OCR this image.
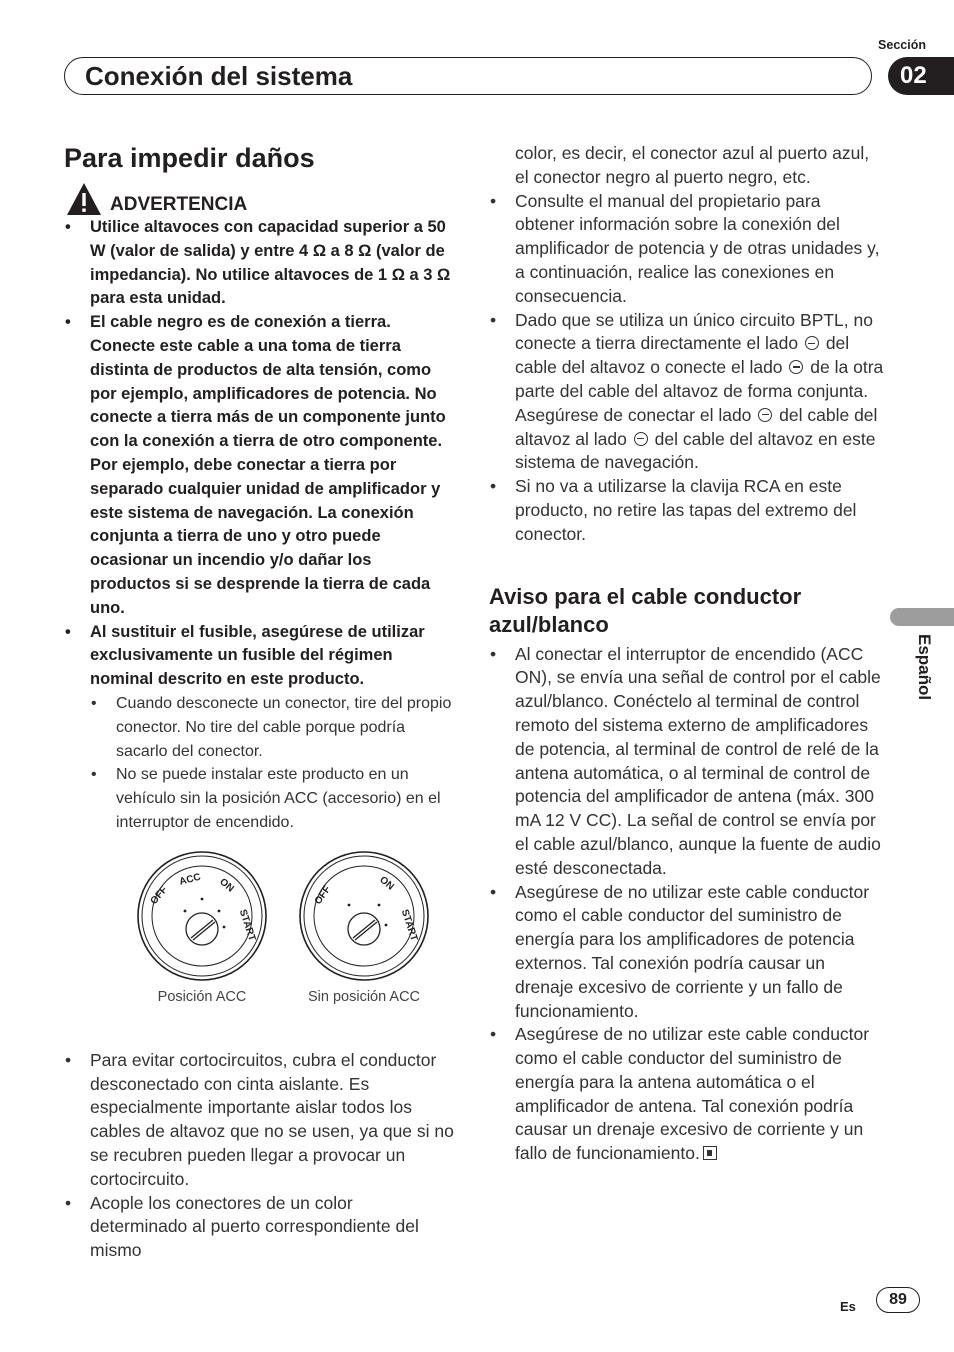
Sección
Conexión del sistema	02
Español
Para impedir daños
ADVERTENCIA
• Utilice altavoces con capacidad superior a 50 W (valor de salida) y entre 4 Ω a 8 Ω (valor de impedancia). No utilice altavoces de 1 Ω a 3 Ω para esta unidad.
• El cable negro es de conexión a tierra. Conecte este cable a una toma de tierra distinta de productos de alta tensión, como por ejemplo, amplificadores de potencia. No conecte a tierra más de un componente junto con la conexión a tierra de otro componente. Por ejemplo, debe conectar a tierra por separado cualquier unidad de amplificador y este sistema de navegación. La conexión conjunta a tierra de uno y otro puede ocasionar un incendio y/o dañar los productos si se desprende la tierra de cada uno.
• Al sustituir el fusible, asegúrese de utilizar exclusivamente un fusible del régimen nominal descrito en este producto.
• Cuando desconecte un conector, tire del propio conector. No tire del cable porque podría sacarlo del conector.
• No se puede instalar este producto en un vehículo sin la posición ACC (accesorio) en el interruptor de encendido.
OFF
ACC ON
START
Posición ACC
OFF
ON
START
Sin posición ACC
• Para evitar cortocircuitos, cubra el conductor desconectado con cinta aislante. Es especialmente importante aislar todos los cables de altavoz que no se usen, ya que si no se recubren pueden llegar a provocar un cortocircuito.
• Acople los conectores de un color determinado al puerto correspondiente del mismo
color, es decir, el conector azul al puerto azul, el conector negro al puerto negro, etc.
• Consulte el manual del propietario para obtener información sobre la conexión del amplificador de potencia y de otras unidades y, a continuación, realice las conexiones en consecuencia.
• Dado que se utiliza un único circuito BPTL, no conecte a tierra directamente el lado del cable del altavoz o conecte el lado de la otra parte del cable del altavoz de forma conjunta. Asegúrese de conectar el lado del cable del altavoz al lado del cable del altavoz en este sistema de navegación.
• Si no va a utilizarse la clavija RCA en este producto, no retire las tapas del extremo del conector.
Aviso para el cable conductor azul/blanco
• Al conectar el interruptor de encendido (ACC ON), se envía una señal de control por el cable azul/blanco. Conéctelo al terminal de control remoto del sistema externo de amplificadores de potencia, al terminal de control de relé de la antena automática, o al terminal de control de potencia del amplificador de antena (máx. 300 mA 12 V CC). La señal de control se envía por el cable azul/blanco, aunque la fuente de audio esté desconectada.
• Asegúrese de no utilizar este cable conductor como el cable conductor del suministro de energía para los amplificadores de potencia externos. Tal conexión podría causar un drenaje excesivo de corriente y un fallo de funcionamiento.
• Asegúrese de no utilizar este cable conductor como el cable conductor del suministro de energía para la antena automática o el amplificador de antena. Tal conexión podría causar un drenaje excesivo de corriente y un fallo de funcionamiento.
Es	89
